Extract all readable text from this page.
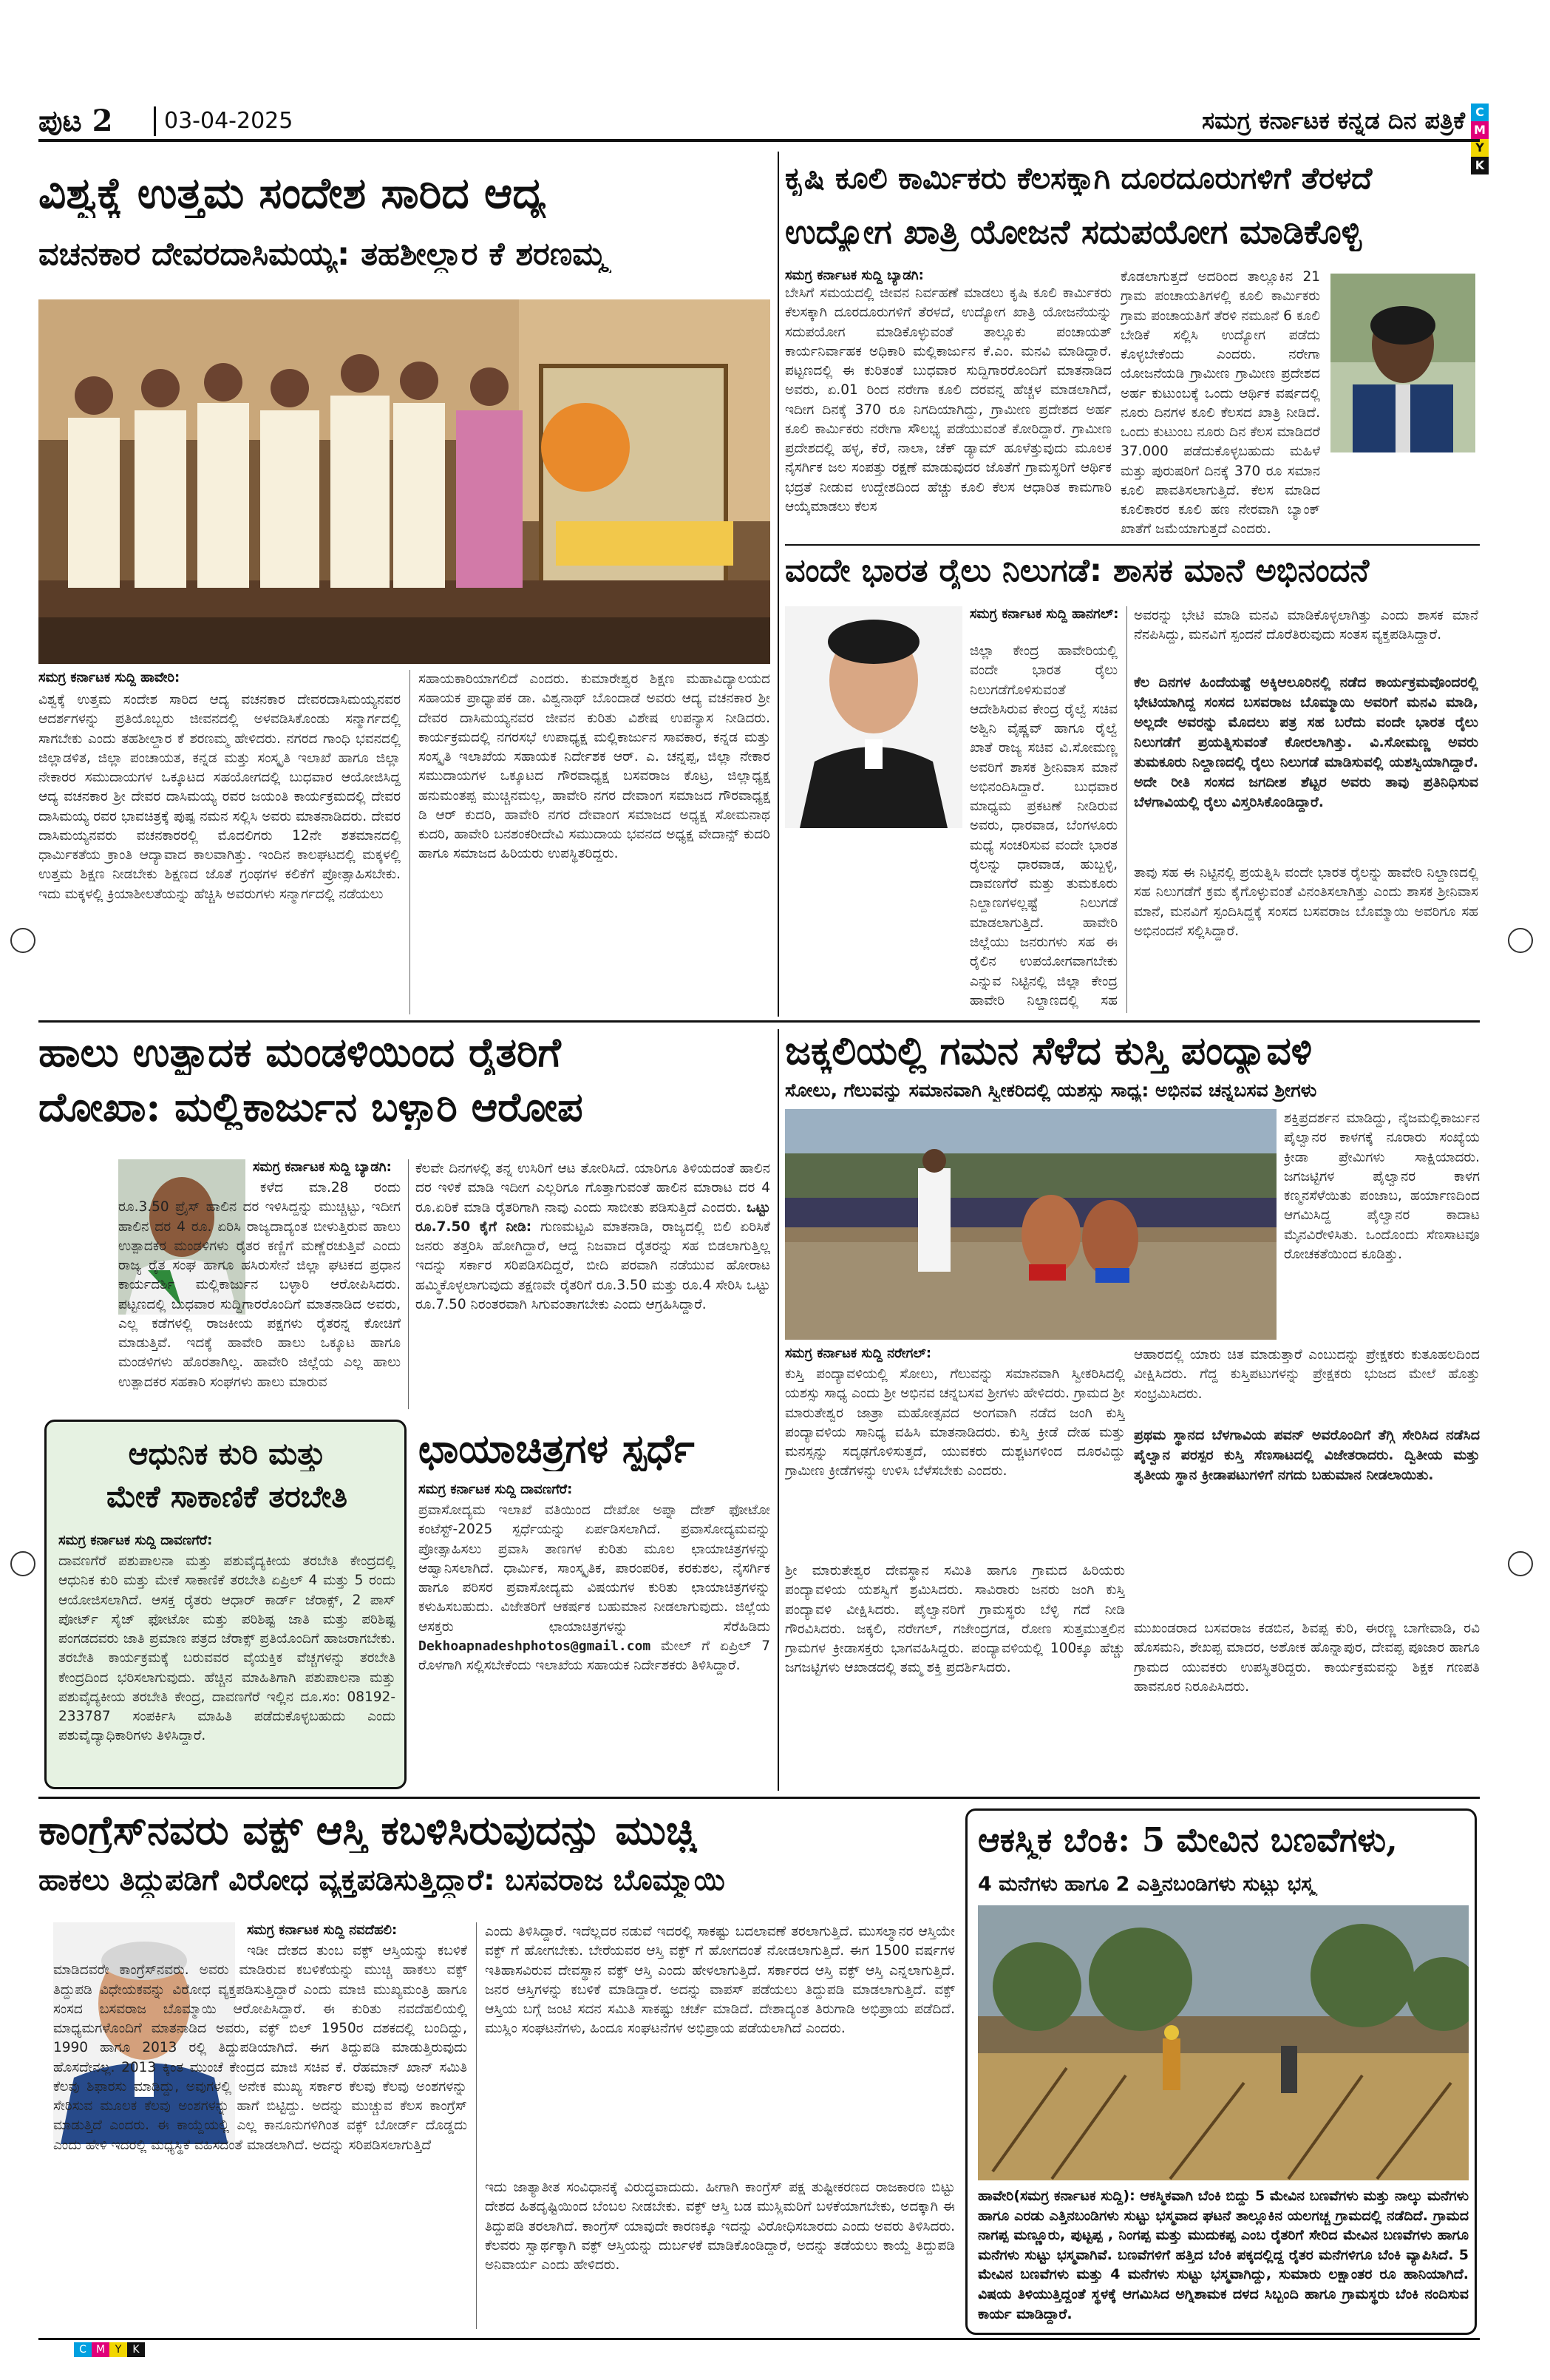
C
M
Y
K
C M Y	K
ಪುಟ 2 03-04-2025	ಸಮಗ್ರ ಕರ್ನಾಟಕ ಕನ್ನಡ ದಿನ ಪತ್ರಿಕೆ
ವಿಶ್ವಕ್ಕೆ ಉತ್ತಮ ಸಂದೇಶ ಸಾರಿದ ಆದ್ಯ
ವಚನಕಾರ ದೇವರದಾಸಿಮಯ್ಯ: ತಹಶೀಲ್ದಾರ ಕೆ ಶರಣಮ್ಮ
ಸಮಗ್ರ ಕರ್ನಾಟಕ ಸುದ್ದಿ ಹಾವೇರಿ:
ವಿಶ್ವಕ್ಕೆ ಉತ್ತಮ ಸಂದೇಶ ಸಾರಿದ ಆದ್ಯ ವಚನಕಾರ ದೇವರದಾಸಿಮಯ್ಯನವರ ಆದರ್ಶಗಳನ್ನು ಪ್ರತಿಯೊಬ್ಬರು ಜೀವನದಲ್ಲಿ ಅಳವಡಿಸಿಕೊಂಡು ಸನ್ಮಾರ್ಗದಲ್ಲಿ ಸಾಗಬೇಕು ಎಂದು ತಹಶೀಲ್ದಾರ ಕೆ ಶರಣಮ್ಮ ಹೇಳಿದರು. ನಗರದ ಗಾಂಧಿ ಭವನದಲ್ಲಿ ಜಿಲ್ಲಾಡಳಿತ, ಜಿಲ್ಲಾ ಪಂಚಾಯತ, ಕನ್ನಡ ಮತ್ತು ಸಂಸ್ಕೃತಿ ಇಲಾಖೆ ಹಾಗೂ ಜಿಲ್ಲಾ ನೇಕಾರರ ಸಮುದಾಯಗಳ ಒಕ್ಕೂಟದ ಸಹಯೋಗದಲ್ಲಿ ಬುಧವಾರ ಆಯೋಜಿಸಿದ್ದ ಆದ್ಯ ವಚನಕಾರ ಶ್ರೀ ದೇವರ ದಾಸಿಮಯ್ಯ ರವರ ಜಯಂತಿ ಕಾರ್ಯಕ್ರಮದಲ್ಲಿ ದೇವರ ದಾಸಿಮಯ್ಯ ರವರ ಭಾವಚಿತ್ರಕ್ಕೆ ಪುಷ್ಪ ನಮನ ಸಲ್ಲಿಸಿ ಅವರು ಮಾತನಾಡಿದರು. ದೇವರ ದಾಸಿಮಯ್ಯನವರು ವಚನಕಾರರಲ್ಲಿ ಮೊದಲಿಗರು 12ನೇ ಶತಮಾನದಲ್ಲಿ ಧಾರ್ಮಿಕತೆಯ ಕ್ರಾಂತಿ ಆದ್ಯಾವಾದ ಕಾಲವಾಗಿತ್ತು. ಇಂದಿನ ಕಾಲಘಟದಲ್ಲಿ ಮಕ್ಕಳಲ್ಲಿ ಉತ್ತಮ ಶಿಕ್ಷಣ ನೀಡಬೇಕು ಶಿಕ್ಷಣದ ಜೊತೆ ಗ್ರಂಥಗಳ ಕಲಿಕೆಗೆ ಪ್ರೋತ್ಸಾಹಿಸಬೇಕು. ಇದು ಮಕ್ಕಳಲ್ಲಿ ಕ್ರಿಯಾಶೀಲತೆಯನ್ನು ಹೆಚ್ಚಿಸಿ ಅವರುಗಳು ಸನ್ಮಾರ್ಗದಲ್ಲಿ ನಡೆಯಲು
ಸಹಾಯಕಾರಿಯಾಗಲಿದೆ ಎಂದರು. ಕುಮಾರೇಶ್ವರ ಶಿಕ್ಷಣ ಮಹಾವಿದ್ಯಾಲಯದ ಸಹಾಯಕ ಪ್ರಾಧ್ಯಾಪಕ ಡಾ. ವಿಶ್ವನಾಥ್ ಬೊಂದಾಡೆ ಅವರು ಆದ್ಯ ವಚನಕಾರ ಶ್ರೀ ದೇವರ ದಾಸಿಮಯ್ಯನವರ ಜೀವನ ಕುರಿತು ವಿಶೇಷ ಉಪನ್ಯಾಸ ನೀಡಿದರು. ಕಾರ್ಯಕ್ರಮದಲ್ಲಿ ನಗರಸಭೆ ಉಪಾಧ್ಯಕ್ಷ ಮಲ್ಲಿಕಾರ್ಜುನ ಸಾವಕಾರ, ಕನ್ನಡ ಮತ್ತು ಸಂಸ್ಕೃತಿ ಇಲಾಖೆಯ ಸಹಾಯಕ ನಿರ್ದೇಶಕ ಆರ್. ಎ. ಚನ್ನಪ್ಪ, ಜಿಲ್ಲಾ ನೇಕಾರ ಸಮುದಾಯಗಳ ಒಕ್ಕೂಟದ ಗೌರವಾಧ್ಯಕ್ಷ ಬಸವರಾಜ ಕೊಟ್ರ, ಜಿಲ್ಲಾಧ್ಯಕ್ಷ ಹನುಮಂತಪ್ಪ ಮುಚ್ಚಿನಮಲ್ಲ, ಹಾವೇರಿ ನಗರ ದೇವಾಂಗ ಸಮಾಜದ ಗೌರವಾಧ್ಯಕ್ಷ ಡಿ ಆರ್ ಕುದರಿ, ಹಾವೇರಿ ನಗರ ದೇವಾಂಗ ಸಮಾಜದ ಅಧ್ಯಕ್ಷ ಸೋಮನಾಥ ಕುದರಿ, ಹಾವೇರಿ ಬನಶಂಕರೀದೇವಿ ಸಮುದಾಯ ಭವನದ ಅಧ್ಯಕ್ಷ ವೇದಾನ್ಸ್ ಕುದರಿ ಹಾಗೂ ಸಮಾಜದ ಹಿರಿಯರು ಉಪಸ್ಥಿತರಿದ್ದರು.
ಕೃಷಿ ಕೂಲಿ ಕಾರ್ಮಿಕರು ಕೆಲಸಕ್ಕಾಗಿ ದೂರದೂರುಗಳಿಗೆ ತೆರಳದೆ
ಉದ್ಯೋಗ ಖಾತ್ರಿ ಯೋಜನೆ ಸದುಪಯೋಗ ಮಾಡಿಕೊಳ್ಳಿ
ಸಮಗ್ರ ಕರ್ನಾಟಕ ಸುದ್ದಿ ಬ್ಯಾಡಗಿ:
ಬೇಸಿಗೆ ಸಮಯದಲ್ಲಿ ಜೀವನ ನಿರ್ವಹಣೆ ಮಾಡಲು ಕೃಷಿ ಕೂಲಿ ಕಾರ್ಮಿಕರು ಕೆಲಸಕ್ಕಾಗಿ ದೂರದೂರುಗಳಿಗೆ ತೆರಳದೆ, ಉದ್ಯೋಗ ಖಾತ್ರಿ ಯೋಜನೆಯನ್ನು ಸದುಪಯೋಗ ಮಾಡಿಕೊಳ್ಳುವಂತೆ ತಾಲ್ಲೂಕು ಪಂಚಾಯತ್ ಕಾರ್ಯನಿರ್ವಾಹಕ ಅಧಿಕಾರಿ ಮಲ್ಲಿಕಾರ್ಜುನ ಕೆ.ಎಂ. ಮನವಿ ಮಾಡಿದ್ದಾರೆ. ಪಟ್ಟಣದಲ್ಲಿ ಈ ಕುರಿತಂತೆ ಬುಧವಾರ ಸುದ್ದಿಗಾರರೊಂದಿಗೆ ಮಾತನಾಡಿದ ಅವರು, ಏ.01 ರಿಂದ ನರೇಗಾ ಕೂಲಿ ದರವನ್ನ ಹೆಚ್ಚಳ ಮಾಡಲಾಗಿದೆ, ಇದೀಗ ದಿನಕ್ಕೆ 370 ರೂ ನಿಗದಿಯಾಗಿದ್ದು, ಗ್ರಾಮೀಣ ಪ್ರದೇಶದ ಅರ್ಹ ಕೂಲಿ ಕಾರ್ಮಿಕರು ನರೇಗಾ ಸೌಲಭ್ಯ ಪಡೆಯುವಂತೆ ಕೋರಿದ್ದಾರೆ. ಗ್ರಾಮೀಣ ಪ್ರದೇಶದಲ್ಲಿ ಹಳ್ಳ, ಕೆರೆ, ನಾಲಾ, ಚೆಕ್ ಡ್ಯಾಮ್ ಹೂಳೆತ್ತುವುದು ಮೂಲಕ ನೈಸರ್ಗಿಕ ಜಲ ಸಂಪತ್ತು ರಕ್ಷಣೆ ಮಾಡುವುದರ ಜೊತೆಗೆ ಗ್ರಾಮಸ್ಥರಿಗೆ ಆರ್ಥಿಕ ಭದ್ರತೆ ನೀಡುವ ಉದ್ದೇಶದಿಂದ ಹೆಚ್ಚು ಕೂಲಿ ಕೆಲಸ ಆಧಾರಿತ ಕಾಮಗಾರಿ ಆಯ್ಕೆಮಾಡಲು ಕೆಲಸ
ಕೊಡಲಾಗುತ್ತದೆ ಅದರಿಂದ ತಾಲ್ಲೂಕಿನ 21 ಗ್ರಾಮ ಪಂಚಾಯತಿಗಳಲ್ಲಿ ಕೂಲಿ ಕಾರ್ಮಿಕರು ಗ್ರಾಮ ಪಂಚಾಯತಿಗೆ ತೆರಳಿ ನಮೂನೆ 6 ಕೂಲಿ ಬೇಡಿಕೆ ಸಲ್ಲಿಸಿ ಉದ್ಯೋಗ ಪಡೆದು ಕೊಳ್ಳಬೇಕೆಂದು ಎಂದರು. ನರೇಗಾ ಯೋಜನೆಯಡಿ ಗ್ರಾಮೀಣ ಗ್ರಾಮೀಣ ಪ್ರದೇಶದ ಅರ್ಹ ಕುಟುಂಬಕ್ಕೆ ಒಂದು ಆರ್ಥಿಕ ವರ್ಷದಲ್ಲಿ ನೂರು ದಿನಗಳ ಕೂಲಿ ಕೆಲಸದ ಖಾತ್ರಿ ನೀಡಿದೆ. ಒಂದು ಕುಟುಂಬ ನೂರು ದಿನ ಕೆಲಸ ಮಾಡಿದರೆ 37.000 ಪಡೆದುಕೊಳ್ಳಬಹುದು ಮಹಿಳೆ ಮತ್ತು ಪುರುಷರಿಗೆ ದಿನಕ್ಕೆ 370 ರೂ ಸಮಾನ ಕೂಲಿ ಪಾವತಿಸಲಾಗುತ್ತಿದೆ. ಕೆಲಸ ಮಾಡಿದ ಕೂಲಿಕಾರರ ಕೂಲಿ ಹಣ ನೇರವಾಗಿ ಬ್ಯಾಂಕ್ ಖಾತೆಗೆ ಜಮೆಯಾಗುತ್ತದೆ ಎಂದರು.
ವಂದೇ ಭಾರತ ರೈಲು ನಿಲುಗಡೆ: ಶಾಸಕ ಮಾನೆ ಅಭಿನಂದನೆ
ಸಮಗ್ರ ಕರ್ನಾಟಕ ಸುದ್ದಿ ಹಾನಗಲ್:
ಜಿಲ್ಲಾ ಕೇಂದ್ರ ಹಾವೇರಿಯಲ್ಲಿ ವಂದೇ ಭಾರತ ರೈಲು ನಿಲುಗಡೆಗೊಳಿಸುವಂತೆ ಆದೇಶಿಸಿರುವ ಕೇಂದ್ರ ರೈಲ್ವೆ ಸಚಿವ ಅಶ್ವಿನಿ ವೈಷ್ಣವ್ ಹಾಗೂ ರೈಲ್ವೆ ಖಾತೆ ರಾಜ್ಯ ಸಚಿವ ವಿ.ಸೋಮಣ್ಣ ಅವರಿಗೆ ಶಾಸಕ ಶ್ರೀನಿವಾಸ ಮಾನೆ ಅಭಿನಂದಿಸಿದ್ದಾರೆ. ಬುಧವಾರ ಮಾಧ್ಯಮ ಪ್ರಕಟಣೆ ನೀಡಿರುವ ಅವರು, ಧಾರವಾಡ, ಬೆಂಗಳೂರು ಮಧ್ಯೆ ಸಂಚರಿಸುವ ವಂದೇ ಭಾರತ ರೈಲನ್ನು ಧಾರವಾಡ, ಹುಬ್ಬಳ್ಳಿ, ದಾವಣಗೆರೆ ಮತ್ತು ತುಮಕೂರು ನಿಲ್ದಾಣಗಳಲ್ಲಷ್ಟೆ ನಿಲುಗಡೆ ಮಾಡಲಾಗುತ್ತಿದೆ. ಹಾವೇರಿ ಜಿಲ್ಲೆಯು ಜನರುಗಳು ಸಹ ಈ ರೈಲಿನ ಉಪಯೋಗವಾಗಬೇಕು ಎನ್ನುವ ನಿಟ್ಟಿನಲ್ಲಿ ಜಿಲ್ಲಾ ಕೇಂದ್ರ ಹಾವೇರಿ ನಿಲ್ದಾಣದಲ್ಲಿ ಸಹ
ಅವರನ್ನು ಭೇಟಿ ಮಾಡಿ ಮನವಿ ಮಾಡಿಕೊಳ್ಳಲಾಗಿತ್ತು ಎಂದು ಶಾಸಕ ಮಾನೆ ನೆನಪಿಸಿದ್ದು, ಮನವಿಗೆ ಸ್ಪಂದನೆ ದೊರೆತಿರುವುದು ಸಂತಸ ವ್ಯಕ್ತಪಡಿಸಿದ್ದಾರೆ.
ಕೆಲ ದಿನಗಳ ಹಿಂದೆಯಷ್ಟೆ ಅಕ್ಕಿಆಲೂರಿನಲ್ಲಿ ನಡೆದ ಕಾರ್ಯಕ್ರಮವೊಂದರಲ್ಲಿ ಭೇಟಿಯಾಗಿದ್ದ ಸಂಸದ ಬಸವರಾಜ ಬೊಮ್ಮಾಯಿ ಅವರಿಗೆ ಮನವಿ ಮಾಡಿ, ಅಲ್ಲದೇ ಅವರನ್ನು ಮೊದಲು ಪತ್ರ ಸಹ ಬರೆದು ವಂದೇ ಭಾರತ ರೈಲು ನಿಲುಗಡೆಗೆ ಪ್ರಯತ್ನಿಸುವಂತೆ ಕೋರಲಾಗಿತ್ತು. ವಿ.ಸೋಮಣ್ಣ ಅವರು ತುಮಕೂರು ನಿಲ್ದಾಣದಲ್ಲಿ ರೈಲು ನಿಲುಗಡೆ ಮಾಡಿಸುವಲ್ಲಿ ಯಶಸ್ವಿಯಾಗಿದ್ದಾರೆ. ಅದೇ ರೀತಿ ಸಂಸದ ಜಗದೀಶ ಶೆಟ್ಟರ ಅವರು ತಾವು ಪ್ರತಿನಿಧಿಸುವ ಬೆಳಗಾವಿಯಲ್ಲಿ ರೈಲು ವಿಸ್ತರಿಸಿಕೊಂಡಿದ್ದಾರೆ.
ತಾವು ಸಹ ಈ ನಿಟ್ಟಿನಲ್ಲಿ ಪ್ರಯತ್ನಿಸಿ ವಂದೇ ಭಾರತ ರೈಲನ್ನು ಹಾವೇರಿ ನಿಲ್ದಾಣದಲ್ಲಿ ಸಹ ನಿಲುಗಡೆಗೆ ಕ್ರಮ ಕೈಗೊಳ್ಳುವಂತೆ ವಿನಂತಿಸಲಾಗಿತ್ತು ಎಂದು ಶಾಸಕ ಶ್ರೀನಿವಾಸ ಮಾನೆ, ಮನವಿಗೆ ಸ್ಪಂದಿಸಿದ್ದಕ್ಕೆ ಸಂಸದ ಬಸವರಾಜ ಬೊಮ್ಮಾಯಿ ಅವರಿಗೂ ಸಹ ಅಭಿನಂದನೆ ಸಲ್ಲಿಸಿದ್ದಾರೆ.
ಹಾಲು ಉತ್ಪಾದಕ ಮಂಡಳಿಯಿಂದ ರೈತರಿಗೆ
ದೋಖಾ: ಮಲ್ಲಿಕಾರ್ಜುನ ಬಳ್ಳಾರಿ ಆರೋಪ
ಸಮಗ್ರ ಕರ್ನಾಟಕ ಸುದ್ದಿ ಬ್ಯಾಡಗಿ:
ಕಳೆದ ಮಾ.28 ರಂದು ರೂ.3.50 ಪ್ರೈಸ್ ಹಾಲಿನ ದರ ಇಳಿಸಿದ್ದನ್ನು ಮುಚ್ಚಿಟ್ಟು, ಇದೀಗ ಹಾಲಿನ ದರ 4 ರೂ. ಏರಿಸಿ ರಾಜ್ಯದಾದ್ಯಂತ ಬೀಳುತ್ತಿರುವ ಹಾಲು ಉತ್ಪಾದಕರ ಮಂಡಳಿಗಳು ರೈತರ ಕಣ್ಣಿಗೆ ಮಣ್ಣೆರಚುತ್ತಿವೆ ಎಂದು ರಾಜ್ಯ ರೈತ ಸಂಘ ಹಾಗೂ ಹಸಿರುಸೇನೆ ಜಿಲ್ಲಾ ಘಟಕದ ಪ್ರಧಾನ ಕಾರ್ಯದರ್ಶಿ ಮಲ್ಲಿಕಾರ್ಜುನ ಬಳ್ಳಾರಿ ಆರೋಪಿಸಿದರು. ಪಟ್ಟಣದಲ್ಲಿ ಬುಧವಾರ ಸುದ್ದಿಗಾರರೊಂದಿಗೆ ಮಾತನಾಡಿದ ಅವರು, ಎಲ್ಲ ಕಡೆಗಳಲ್ಲಿ ರಾಜಕೀಯ ಪಕ್ಷಗಳು ರೈತರನ್ನ ಕೋಚಿಗೆ ಮಾಡುತ್ತಿವೆ. ಇದಕ್ಕೆ ಹಾವೇರಿ ಹಾಲು ಒಕ್ಕೂಟ ಹಾಗೂ ಮಂಡಳಿಗಳು ಹೊರತಾಗಿಲ್ಲ. ಹಾವೇರಿ ಜಿಲ್ಲೆಯ ಎಲ್ಲ ಹಾಲು ಉತ್ಪಾದಕರ ಸಹಕಾರಿ ಸಂಘಗಳು ಹಾಲು ಮಾರುವ
ಕೆಲವೇ ದಿನಗಳಲ್ಲಿ ತನ್ನ ಉಸಿರಿಗೆ ಆಟ ತೋರಿಸಿದೆ. ಯಾರಿಗೂ ತಿಳಿಯದಂತೆ ಹಾಲಿನ ದರ ಇಳಿಕೆ ಮಾಡಿ ಇದೀಗ ಎಲ್ಲರಿಗೂ ಗೊತ್ತಾಗುವಂತೆ ಹಾಲಿನ ಮಾರಾಟ ದರ 4 ರೂ.ಏರಿಕೆ ಮಾಡಿ ರೈತರಿಗಾಗಿ ನಾವು ಎಂದು ಸಾಬೀತು ಪಡಿಸುತ್ತಿದೆ ಎಂದರು. ಒಟ್ಟು ರೂ.7.50 ಕೈಗೆ ನೀಡಿ: ಗುಣಮಟ್ಟವಿ ಮಾತನಾಡಿ, ರಾಜ್ಯದಲ್ಲಿ ಬಿಲಿ ಏರಿಸಿಕೆ ಜನರು ತತ್ತರಿಸಿ ಹೋಗಿದ್ದಾರೆ, ಆದ್ದ ನಿಜವಾದ ರೈತರನ್ನು ಸಹ ಬಿಡಲಾಗುತ್ತಿಲ್ಲ ಇದನ್ನು ಸರ್ಕಾರ ಸರಿಪಡಿಸದಿದ್ದರೆ, ಬೀದಿ ಪರವಾಗಿ ನಡೆಯುವ ಹೋರಾಟ ಹಮ್ಮಿಕೊಳ್ಳಲಾಗುವುದು ತಕ್ಷಣವೇ ರೈತರಿಗೆ ರೂ.3.50 ಮತ್ತು ರೂ.4 ಸೇರಿಸಿ ಒಟ್ಟು ರೂ.7.50 ನಿರಂತರವಾಗಿ ಸಿಗುವಂತಾಗಬೇಕು ಎಂದು ಆಗ್ರಹಿಸಿದ್ದಾರೆ.
ಜಕ್ಕಲಿಯಲ್ಲಿ ಗಮನ ಸೆಳೆದ ಕುಸ್ತಿ ಪಂದ್ಯಾವಳಿ
ಸೋಲು, ಗೆಲುವನ್ನು ಸಮಾನವಾಗಿ ಸ್ವೀಕರಿದಲ್ಲಿ ಯಶಸ್ಸು ಸಾಧ್ಯ: ಅಭಿನವ ಚನ್ನಬಸವ ಶ್ರೀಗಳು
ಶಕ್ತಿಪ್ರದರ್ಶನ ಮಾಡಿದ್ದು, ನೈಜಮಲ್ಲಿಕಾರ್ಜುನ ಪೈಲ್ವಾನರ ಕಾಳಗಕ್ಕೆ ನೂರಾರು ಸಂಖ್ಯೆಯ ಕ್ರೀಡಾ ಪ್ರೇಮಿಗಳು ಸಾಕ್ಷಿಯಾದರು. ಜಗಜಟ್ಟಿಗಳ ಪೈಲ್ವಾನರ ಕಾಳಗ ಕಣ್ಮನಸೆಳೆಯಿತು ಪಂಜಾಬ, ಹರ್ಯಾಣದಿಂದ ಆಗಮಿಸಿದ್ದ ಪೈಲ್ವಾನರ ಕಾದಾಟ ಮೈನವಿರೇಳಿಸಿತು. ಒಂದೊಂದು ಸೆಣಸಾಟವೂ ರೋಚಕತೆಯಿಂದ ಕೂಡಿತ್ತು.
ಸಮಗ್ರ ಕರ್ನಾಟಕ ಸುದ್ದಿ ನರೇಗಲ್:
ಕುಸ್ತಿ ಪಂದ್ಯಾವಳಿಯಲ್ಲಿ ಸೋಲು, ಗೆಲುವನ್ನು ಸಮಾನವಾಗಿ ಸ್ವೀಕರಿಸಿದಲ್ಲಿ ಯಶಸ್ಸು ಸಾಧ್ಯ ಎಂದು ಶ್ರೀ ಅಭಿನವ ಚನ್ನಬಸವ ಶ್ರೀಗಳು ಹೇಳಿದರು. ಗ್ರಾಮದ ಶ್ರೀ ಮಾರುತೇಶ್ವರ ಜಾತ್ರಾ ಮಹೋತ್ಸವದ ಅಂಗವಾಗಿ ನಡೆದ ಜಂಗಿ ಕುಸ್ತಿ ಪಂದ್ಯಾವಳಿಯ ಸಾನಿಧ್ಯ ವಹಿಸಿ ಮಾತನಾಡಿದರು. ಕುಸ್ತಿ ಕ್ರೀಡೆ ದೇಹ ಮತ್ತು ಮನಸ್ಸನ್ನು ಸದೃಢಗೊಳಿಸುತ್ತದೆ, ಯುವಕರು ದುಶ್ಚಟಗಳಿಂದ ದೂರವಿದ್ದು ಗ್ರಾಮೀಣ ಕ್ರೀಡೆಗಳನ್ನು ಉಳಿಸಿ ಬೆಳೆಸಬೇಕು ಎಂದರು.
ಆಹಾರದಲ್ಲಿ ಯಾರು ಚಿತ ಮಾಡುತ್ತಾರೆ ಎಂಬುದನ್ನು ಪ್ರೇಕ್ಷಕರು ಕುತೂಹಲದಿಂದ ವೀಕ್ಷಿಸಿದರು. ಗೆದ್ದ ಕುಸ್ತಿಪಟುಗಳನ್ನು ಪ್ರೇಕ್ಷಕರು ಭುಜದ ಮೇಲೆ ಹೊತ್ತು ಸಂಭ್ರಮಿಸಿದರು.
ಪ್ರಥಮ ಸ್ಥಾನದ ಬೆಳಗಾವಿಯ ಪವನ್ ಅವರೊಂದಿಗೆ ತೆಗ್ಗಿ ಸೇರಿಸಿದ ನಡೆಸಿದ ಪೈಲ್ವಾನ ಪರಸ್ಪರ ಕುಸ್ತಿ ಸೆಣಸಾಟದಲ್ಲಿ ವಿಜೇತರಾದರು. ದ್ವಿತೀಯ ಮತ್ತು ತೃತೀಯ ಸ್ಥಾನ ಕ್ರೀಡಾಪಟುಗಳಿಗೆ ನಗದು ಬಹುಮಾನ ನೀಡಲಾಯಿತು.
ಶ್ರೀ ಮಾರುತೇಶ್ವರ ದೇವಸ್ಥಾನ ಸಮಿತಿ ಹಾಗೂ ಗ್ರಾಮದ ಹಿರಿಯರು ಪಂದ್ಯಾವಳಿಯ ಯಶಸ್ವಿಗೆ ಶ್ರಮಿಸಿದರು. ಸಾವಿರಾರು ಜನರು ಜಂಗಿ ಕುಸ್ತಿ ಪಂದ್ಯಾವಳಿ ವೀಕ್ಷಿಸಿದರು. ಪೈಲ್ವಾನರಿಗೆ ಗ್ರಾಮಸ್ಥರು ಬೆಳ್ಳಿ ಗದೆ ನೀಡಿ ಗೌರವಿಸಿದರು. ಜಕ್ಕಲಿ, ನರೇಗಲ್, ಗಜೇಂದ್ರಗಡ, ರೋಣ ಸುತ್ತಮುತ್ತಲಿನ ಗ್ರಾಮಗಳ ಕ್ರೀಡಾಸಕ್ತರು ಭಾಗವಹಿಸಿದ್ದರು. ಪಂದ್ಯಾವಳಿಯಲ್ಲಿ 100ಕ್ಕೂ ಹೆಚ್ಚು ಜಗಜಟ್ಟಿಗಳು ಆಖಾಡದಲ್ಲಿ ತಮ್ಮ ಶಕ್ತಿ ಪ್ರದರ್ಶಿಸಿದರು.
ಮುಖಂಡರಾದ ಬಸವರಾಜ ಕಡಬಿನ, ಶಿವಪ್ಪ ಕುರಿ, ಈರಣ್ಣ ಬಾಗೇವಾಡಿ, ರವಿ ಹೊಸಮನಿ, ಶೇಖಪ್ಪ ಮಾದರ, ಅಶೋಕ ಹೊನ್ನಾಪುರ, ದೇವಪ್ಪ ಪೂಜಾರ ಹಾಗೂ ಗ್ರಾಮದ ಯುವಕರು ಉಪಸ್ಥಿತರಿದ್ದರು. ಕಾರ್ಯಕ್ರಮವನ್ನು ಶಿಕ್ಷಕ ಗಣಪತಿ ಹಾವನೂರ ನಿರೂಪಿಸಿದರು.
ಆಧುನಿಕ ಕುರಿ ಮತ್ತು
ಮೇಕೆ ಸಾಕಾಣಿಕೆ ತರಬೇತಿ
ಸಮಗ್ರ ಕರ್ನಾಟಕ ಸುದ್ದಿ ದಾವಣಗೆರೆ:
ದಾವಣಗೆರೆ ಪಶುಪಾಲನಾ ಮತ್ತು ಪಶುವೈದ್ಯಕೀಯ ತರಬೇತಿ ಕೇಂದ್ರದಲ್ಲಿ ಆಧುನಿಕ ಕುರಿ ಮತ್ತು ಮೇಕೆ ಸಾಕಾಣಿಕೆ ತರಬೇತಿ ಏಪ್ರಿಲ್ 4 ಮತ್ತು 5 ರಂದು ಆಯೋಜಿಸಲಾಗಿದೆ. ಆಸಕ್ತ ರೈತರು ಆಧಾರ್ ಕಾರ್ಡ್ ಜೆರಾಕ್ಸ್, 2 ಪಾಸ್ ಪೋರ್ಟ್ ಸೈಜ್ ಫೋಟೋ ಮತ್ತು ಪರಿಶಿಷ್ಟ ಜಾತಿ ಮತ್ತು ಪರಿಶಿಷ್ಟ ಪಂಗಡದವರು ಜಾತಿ ಪ್ರಮಾಣ ಪತ್ರದ ಜೆರಾಕ್ಸ್ ಪ್ರತಿಯೊಂದಿಗೆ ಹಾಜರಾಗಬೇಕು. ತರಬೇತಿ ಕಾರ್ಯಕ್ರಮಕ್ಕೆ ಬರುವವರ ವೈಯಕ್ತಿಕ ವೆಚ್ಚಗಳನ್ನು ತರಬೇತಿ ಕೇಂದ್ರದಿಂದ ಭರಿಸಲಾಗುವುದು. ಹೆಚ್ಚಿನ ಮಾಹಿತಿಗಾಗಿ ಪಶುಪಾಲನಾ ಮತ್ತು ಪಶುವೈದ್ಯಕೀಯ ತರಬೇತಿ ಕೇಂದ್ರ, ದಾವಣಗೆರೆ ಇಲ್ಲಿನ ದೂ.ಸಂ: 08192-233787 ಸಂಪರ್ಕಿಸಿ ಮಾಹಿತಿ ಪಡೆದುಕೊಳ್ಳಬಹುದು ಎಂದು ಪಶುವೈದ್ಯಾಧಿಕಾರಿಗಳು ತಿಳಿಸಿದ್ದಾರೆ.
ಛಾಯಾಚಿತ್ರಗಳ ಸ್ಪರ್ಧೆ
ಸಮಗ್ರ ಕರ್ನಾಟಕ ಸುದ್ದಿ ದಾವಣಗೆರೆ:
ಪ್ರವಾಸೋದ್ಯಮ ಇಲಾಖೆ ವತಿಯಿಂದ ದೇಖೋ ಅಪ್ನಾ ದೇಶ್ ಫೋಟೋ ಕಂಟೆಸ್ಟ್-2025 ಸ್ಪರ್ಧೆಯನ್ನು ಏರ್ಪಡಿಸಲಾಗಿದೆ. ಪ್ರವಾಸೋದ್ಯಮವನ್ನು ಪ್ರೋತ್ಸಾಹಿಸಲು ಪ್ರವಾಸಿ ತಾಣಗಳ ಕುರಿತು ಮೂಲ ಛಾಯಾಚಿತ್ರಗಳನ್ನು ಆಹ್ವಾನಿಸಲಾಗಿದೆ. ಧಾರ್ಮಿಕ, ಸಾಂಸ್ಕೃತಿಕ, ಪಾರಂಪರಿಕ, ಕರಕುಶಲ, ನೈಸರ್ಗಿಕ ಹಾಗೂ ಪರಿಸರ ಪ್ರವಾಸೋದ್ಯಮ ವಿಷಯಗಳ ಕುರಿತು ಛಾಯಾಚಿತ್ರಗಳನ್ನು ಕಳುಹಿಸಬಹುದು. ವಿಜೇತರಿಗೆ ಆಕರ್ಷಕ ಬಹುಮಾನ ನೀಡಲಾಗುವುದು. ಜಿಲ್ಲೆಯ ಆಸಕ್ತರು ಛಾಯಾಚಿತ್ರಗಳನ್ನು ಸೆರೆಹಿಡಿದು Dekhoapnadeshphotos@gmail.com ಮೇಲ್ ಗೆ ಏಪ್ರಿಲ್ 7 ರೊಳಗಾಗಿ ಸಲ್ಲಿಸಬೇಕೆಂದು ಇಲಾಖೆಯ ಸಹಾಯಕ ನಿರ್ದೇಶಕರು ತಿಳಿಸಿದ್ದಾರೆ.
ಕಾಂಗ್ರೆಸ್‌ನವರು ವಕ್ಫ್ ಆಸ್ತಿ ಕಬಳಿಸಿರುವುದನ್ನು ಮುಚ್ಚಿ
ಹಾಕಲು ತಿದ್ದುಪಡಿಗೆ ವಿರೋಧ ವ್ಯಕ್ತಪಡಿಸುತ್ತಿದ್ದಾರೆ: ಬಸವರಾಜ ಬೊಮ್ಮಾಯಿ
ಸಮಗ್ರ ಕರ್ನಾಟಕ ಸುದ್ದಿ ನವದೆಹಲಿ:
ಇಡೀ ದೇಶದ ತುಂಬ ವಕ್ಫ್ ಆಸ್ತಿಯನ್ನು ಕಬಳಿಕೆ ಮಾಡಿದವರೇ ಕಾಂಗ್ರೆಸ್‌ನವರು. ಅವರು ಮಾಡಿರುವ ಕಬಳಿಕೆಯನ್ನು ಮುಚ್ಚಿ ಹಾಕಲು ವಕ್ಫ್ ತಿದ್ದುಪಡಿ ವಿಧೇಯಕವನ್ನು ವಿರೋಧ ವ್ಯಕ್ತಪಡಿಸುತ್ತಿದ್ದಾರೆ ಎಂದು ಮಾಜಿ ಮುಖ್ಯಮಂತ್ರಿ ಹಾಗೂ ಸಂಸದ ಬಸವರಾಜ ಬೊಮ್ಮಾಯಿ ಆರೋಪಿಸಿದ್ದಾರೆ. ಈ ಕುರಿತು ನವದೆಹಲಿಯಲ್ಲಿ ಮಾಧ್ಯಮಗಳೊಂದಿಗೆ ಮಾತನಾಡಿದ ಅವರು, ವಕ್ಫ್ ಬಿಲ್ 1950ರ ದಶಕದಲ್ಲಿ ಬಂದಿದ್ದು, 1990 ಹಾಗೂ 2013 ರಲ್ಲಿ ತಿದ್ದುಪಡಿಯಾಗಿದೆ. ಈಗ ತಿದ್ದುಪಡಿ ಮಾಡುತ್ತಿರುವುದು ಹೊಸದೇನಲ್ಲ. 2013 ಕ್ಕಿಂತ ಮುಂಚೆ ಕೇಂದ್ರದ ಮಾಜಿ ಸಚಿವ ಕೆ. ರೆಹಮಾನ್ ಖಾನ್ ಸಮಿತಿ ಕೆಲವು ಶಿಫಾರಸು ಮಾಡಿದ್ದು, ಅವುಗಳಲ್ಲಿ ಅನೇಕ ಮುಖ್ಯ ಸರ್ಕಾರ ಕೆಲವು ಕೆಲವು ಅಂಶಗಳನ್ನು ಸೇರಿಸುವ ಮೂಲಕ ಕೆಲವು ಅಂಶಗಳನ್ನು ಹಾಗೆ ಬಿಟ್ಟಿದ್ದು. ಅದನ್ನು ಮುಚ್ಚುವ ಕೆಲಸ ಕಾಂಗ್ರೆಸ್ ಮಾಡುತ್ತಿದೆ ಎಂದರು. ಈ ಕಾಯ್ದೆಯಲ್ಲಿ ಎಲ್ಲ ಕಾನೂನುಗಳಿಗಿಂತ ವಕ್ಫ್ ಬೋರ್ಡ್ ದೊಡ್ಡದು ಎಂದು ಹೇಳಿ ಇದರಲ್ಲಿ ಮಧ್ಯಸ್ಥಿಕೆ ವಹಿಸದಂತೆ ಮಾಡಲಾಗಿದೆ. ಅದನ್ನು ಸರಿಪಡಿಸಲಾಗುತ್ತಿದೆ
ಎಂದು ತಿಳಿಸಿದ್ದಾರೆ. ಇದೆಲ್ಲದರ ನಡುವೆ ಇದರಲ್ಲಿ ಸಾಕಷ್ಟು ಬದಲಾವಣೆ ತರಲಾಗುತ್ತಿದೆ. ಮುಸಲ್ಮಾನರ ಆಸ್ತಿಯೇ ವಕ್ಫ್ ಗೆ ಹೋಗಬೇಕು. ಬೇರೆಯವರ ಆಸ್ತಿ ವಕ್ಫ್ ಗೆ ಹೋಗದಂತೆ ನೋಡಲಾಗುತ್ತಿದೆ. ಈಗ 1500 ವರ್ಷಗಳ ಇತಿಹಾಸವಿರುವ ದೇವಸ್ಥಾನ ವಕ್ಫ್ ಆಸ್ತಿ ಎಂದು ಹೇಳಲಾಗುತ್ತಿದೆ. ಸರ್ಕಾರದ ಆಸ್ತಿ ವಕ್ಫ್ ಆಸ್ತಿ ಎನ್ನಲಾಗುತ್ತಿದೆ. ಜನರ ಆಸ್ತಿಗಳನ್ನು ಕಬಳಿಕೆ ಮಾಡಿದ್ದಾರೆ. ಅದನ್ನು ವಾಪಸ್ ಪಡೆಯಲು ತಿದ್ದುಪಡಿ ಮಾಡಲಾಗುತ್ತಿದೆ. ವಕ್ಫ್ ಆಸ್ತಿಯ ಬಗ್ಗೆ ಜಂಟಿ ಸದನ ಸಮಿತಿ ಸಾಕಷ್ಟು ಚರ್ಚೆ ಮಾಡಿದೆ. ದೇಶಾದ್ಯಂತ ತಿರುಗಾಡಿ ಅಭಿಪ್ರಾಯ ಪಡೆದಿದೆ. ಮುಸ್ಲಿಂ ಸಂಘಟನೆಗಳು, ಹಿಂದೂ ಸಂಘಟನೆಗಳ ಅಭಿಪ್ರಾಯ ಪಡೆಯಲಾಗಿದೆ ಎಂದರು.
ಇದು ಜಾತ್ಯಾತೀತ ಸಂವಿಧಾನಕ್ಕೆ ವಿರುದ್ಧವಾದುದು. ಹೀಗಾಗಿ ಕಾಂಗ್ರೆಸ್ ಪಕ್ಷ ತುಷ್ಟೀಕರಣದ ರಾಜಕಾರಣ ಬಿಟ್ಟು ದೇಶದ ಹಿತದೃಷ್ಟಿಯಿಂದ ಬೆಂಬಲ ನೀಡಬೇಕು. ವಕ್ಫ್ ಆಸ್ತಿ ಬಡ ಮುಸ್ಲಿಮರಿಗೆ ಬಳಕೆಯಾಗಬೇಕು, ಅದಕ್ಕಾಗಿ ಈ ತಿದ್ದುಪಡಿ ತರಲಾಗಿದೆ. ಕಾಂಗ್ರೆಸ್ ಯಾವುದೇ ಕಾರಣಕ್ಕೂ ಇದನ್ನು ವಿರೋಧಿಸಬಾರದು ಎಂದು ಅವರು ತಿಳಿಸಿದರು. ಕೆಲವರು ಸ್ವಾರ್ಥಕ್ಕಾಗಿ ವಕ್ಫ್ ಆಸ್ತಿಯನ್ನು ದುರ್ಬಳಕೆ ಮಾಡಿಕೊಂಡಿದ್ದಾರೆ, ಅದನ್ನು ತಡೆಯಲು ಕಾಯ್ದೆ ತಿದ್ದುಪಡಿ ಅನಿವಾರ್ಯ ಎಂದು ಹೇಳಿದರು.
ಆಕಸ್ಮಿಕ ಬೆಂಕಿ: 5 ಮೇವಿನ ಬಣವೆಗಳು,
4 ಮನೆಗಳು ಹಾಗೂ 2 ಎತ್ತಿನಬಂಡಿಗಳು ಸುಟ್ಟು ಭಸ್ಮ
ಹಾವೇರಿ(ಸಮಗ್ರ ಕರ್ನಾಟಕ ಸುದ್ದಿ): ಆಕಸ್ಮಿಕವಾಗಿ ಬೆಂಕಿ ಬಿದ್ದು 5 ಮೇವಿನ ಬಣವೆಗಳು ಮತ್ತು ನಾಲ್ಕು ಮನೆಗಳು ಹಾಗೂ ಎರಡು ಎತ್ತಿನಬಂಡಿಗಳು ಸುಟ್ಟು ಭಸ್ಮವಾದ ಘಟನೆ ತಾಲ್ಲೂಕಿನ ಯಲಗಚ್ಚ ಗ್ರಾಮದಲ್ಲಿ ನಡೆದಿದೆ. ಗ್ರಾಮದ ನಾಗಪ್ಪ ಮಣ್ಣೂರು, ಪುಟ್ಟಪ್ಪ , ನಿಂಗಪ್ಪ ಮತ್ತು ಮುದುಕಪ್ಪ ಎಂಬ ರೈತರಿಗೆ ಸೇರಿದ ಮೇವಿನ ಬಣವೆಗಳು ಹಾಗೂ ಮನೆಗಳು ಸುಟ್ಟು ಭಸ್ಮವಾಗಿವೆ. ಬಣವೆಗಳಿಗೆ ಹತ್ತಿದ ಬೆಂಕಿ ಪಕ್ಕದಲ್ಲಿದ್ದ ರೈತರ ಮನೆಗಳಿಗೂ ಬೆಂಕಿ ವ್ಯಾಪಿಸಿದೆ. 5 ಮೇವಿನ ಬಣವೆಗಳು ಮತ್ತು 4 ಮನೆಗಳು ಸುಟ್ಟು ಭಸ್ಮವಾಗಿದ್ದು, ಸುಮಾರು ಲಕ್ಷಾಂತರ ರೂ ಹಾನಿಯಾಗಿದೆ. ವಿಷಯ ತಿಳಿಯುತ್ತಿದ್ದಂತೆ ಸ್ಥಳಕ್ಕೆ ಆಗಮಿಸಿದ ಅಗ್ನಿಶಾಮಕ ದಳದ ಸಿಬ್ಬಂದಿ ಹಾಗೂ ಗ್ರಾಮಸ್ಥರು ಬೆಂಕಿ ನಂದಿಸುವ ಕಾರ್ಯ ಮಾಡಿದ್ದಾರೆ.
